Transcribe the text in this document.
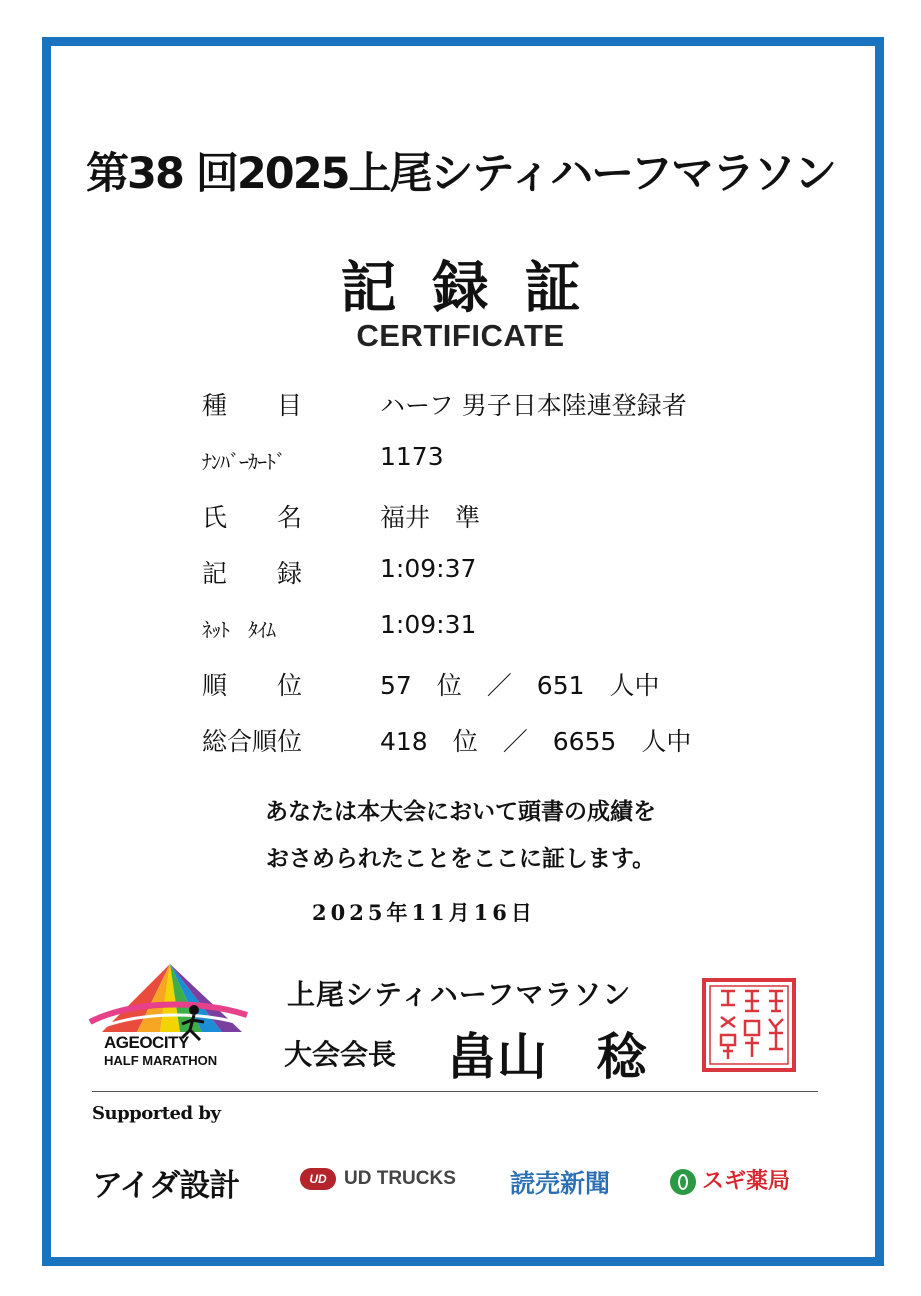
第38 回2025上尾シティハーフマラソン
記録証
CERTIFICATE
種　　目	ハーフ 男子日本陸連登録者
ﾅﾝﾊﾞｰｶｰﾄﾞ	1173
氏　　名	福井　準
記　　録	1:09:37
ﾈｯﾄ　ﾀｲﾑ	1:09:31
順　　位	57　位　／　651　人中
総合順位	418　位　／　6655　人中
あなたは本大会において頭書の成績を
おさめられたことをここに証します。
2025年11月16日
AGEOCITY
HALF MARATHON
上尾シティハーフマラソン
大会会長 畠山　稔
Supported by
アイダ設計	UD UD TRUCKS 読売新聞	スギ薬局
